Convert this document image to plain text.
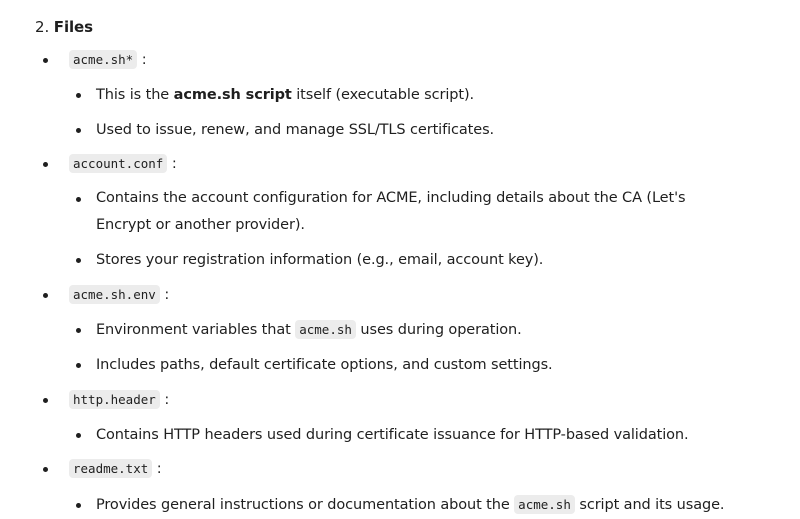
2. Files
acme.sh* :
This is the acme.sh script itself (executable script).
Used to issue, renew, and manage SSL/TLS certificates.
account.conf :
Contains the account configuration for ACME, including details about the CA (Let's Encrypt or another provider).
Stores your registration information (e.g., email, account key).
acme.sh.env :
Environment variables that acme.sh uses during operation.
Includes paths, default certificate options, and custom settings.
http.header :
Contains HTTP headers used during certificate issuance for HTTP-based validation.
readme.txt :
Provides general instructions or documentation about the acme.sh script and its usage.
